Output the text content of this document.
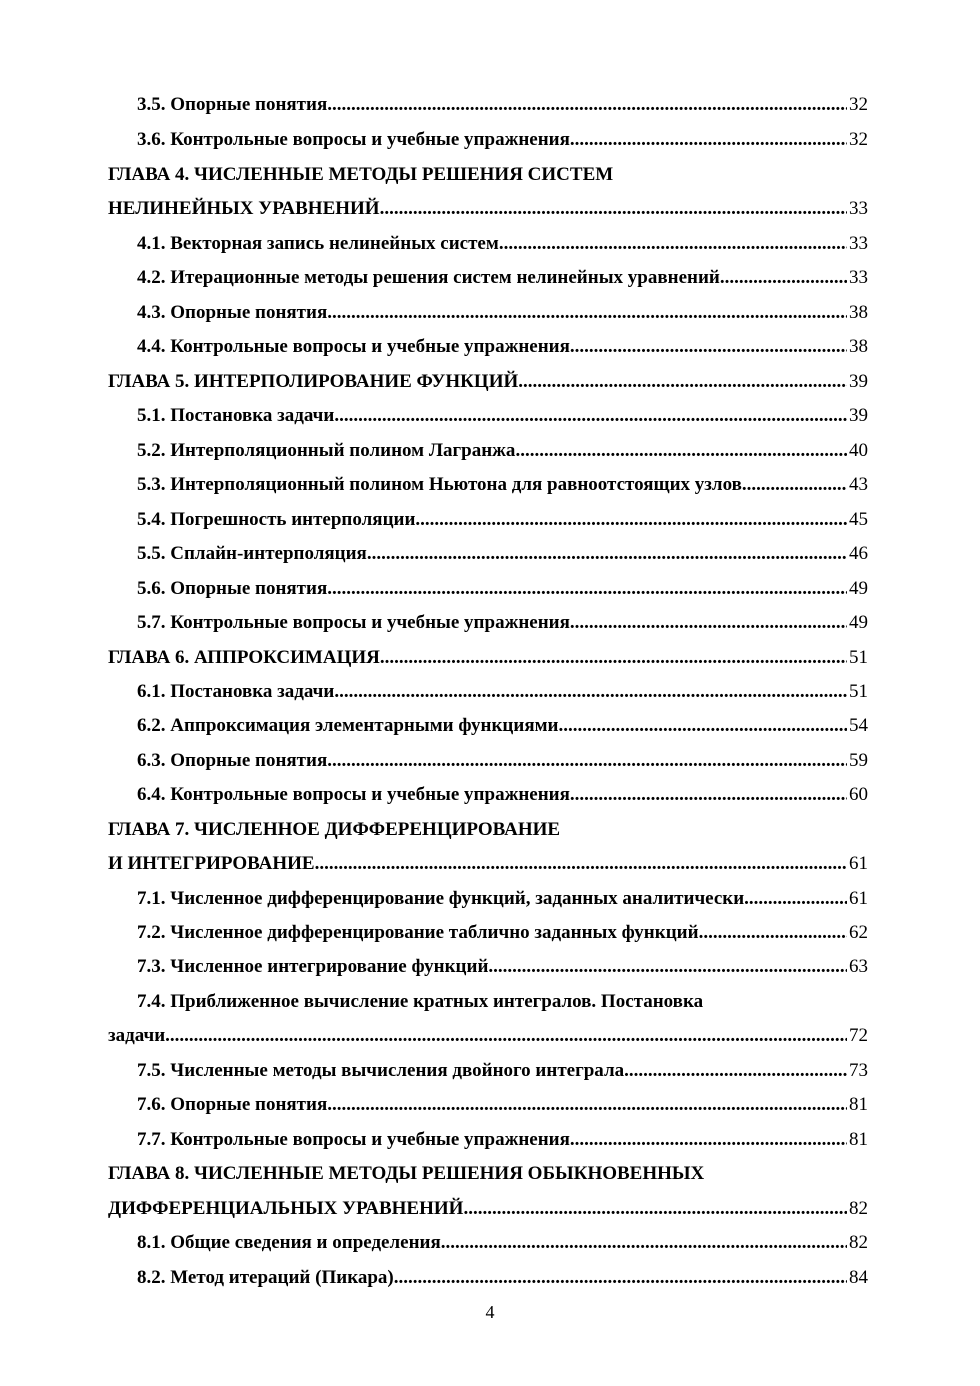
3.5. Опорные понятия .....	32
3.6. Контрольные вопросы и учебные упражнения .....	32
ГЛАВА 4. ЧИСЛЕННЫЕ МЕТОДЫ РЕШЕНИЯ СИСТЕМ
НЕЛИНЕЙНЫХ УРАВНЕНИЙ. .....	33
4.1. Векторная запись нелинейных систем .....	33
4.2. Итерационные методы решения систем нелинейных уравнений .....	33
4.3. Опорные понятия .....	38
4.4. Контрольные вопросы и учебные упражнения .....	38
ГЛАВА 5. ИНТЕРПОЛИРОВАНИЕ ФУНКЦИЙ. .....	39
5.1. Постановка задачи .....	39
5.2. Интерполяционный полином Лагранжа .....	40
5.3. Интерполяционный полином Ньютона для равноотстоящих узлов .....	43
5.4. Погрешность интерполяции .....	45
5.5. Сплайн-интерполяция .....	46
5.6. Опорные понятия .....	49
5.7. Контрольные вопросы и учебные упражнения .....	49
ГЛАВА 6. АППРОКСИМАЦИЯ .....	51
6.1. Постановка задачи .....	51
6.2. Аппроксимация элементарными функциями .....	54
6.3. Опорные понятия .....	59
6.4. Контрольные вопросы и учебные упражнения .....	60
ГЛАВА 7. ЧИСЛЕННОЕ ДИФФЕРЕНЦИРОВАНИЕ
И ИНТЕГРИРОВАНИЕ .....	61
7.1. Численное дифференцирование функций, заданных аналитически .....	61
7.2. Численное дифференцирование таблично заданных функций .....	62
7.3. Численное интегрирование функций .....	63
7.4. Приближенное вычисление кратных интегралов. Постановка
задачи .....	72
7.5. Численные методы вычисления двойного интеграла .....	73
7.6. Опорные понятия .....	81
7.7. Контрольные вопросы и учебные упражнения .....	81
ГЛАВА 8. ЧИСЛЕННЫЕ МЕТОДЫ РЕШЕНИЯ ОБЫКНОВЕННЫХ
ДИФФЕРЕНЦИАЛЬНЫХ УРАВНЕНИЙ .....	82
8.1. Общие сведения и определения .....	82
8.2. Метод итераций (Пикара) .....	84
4
